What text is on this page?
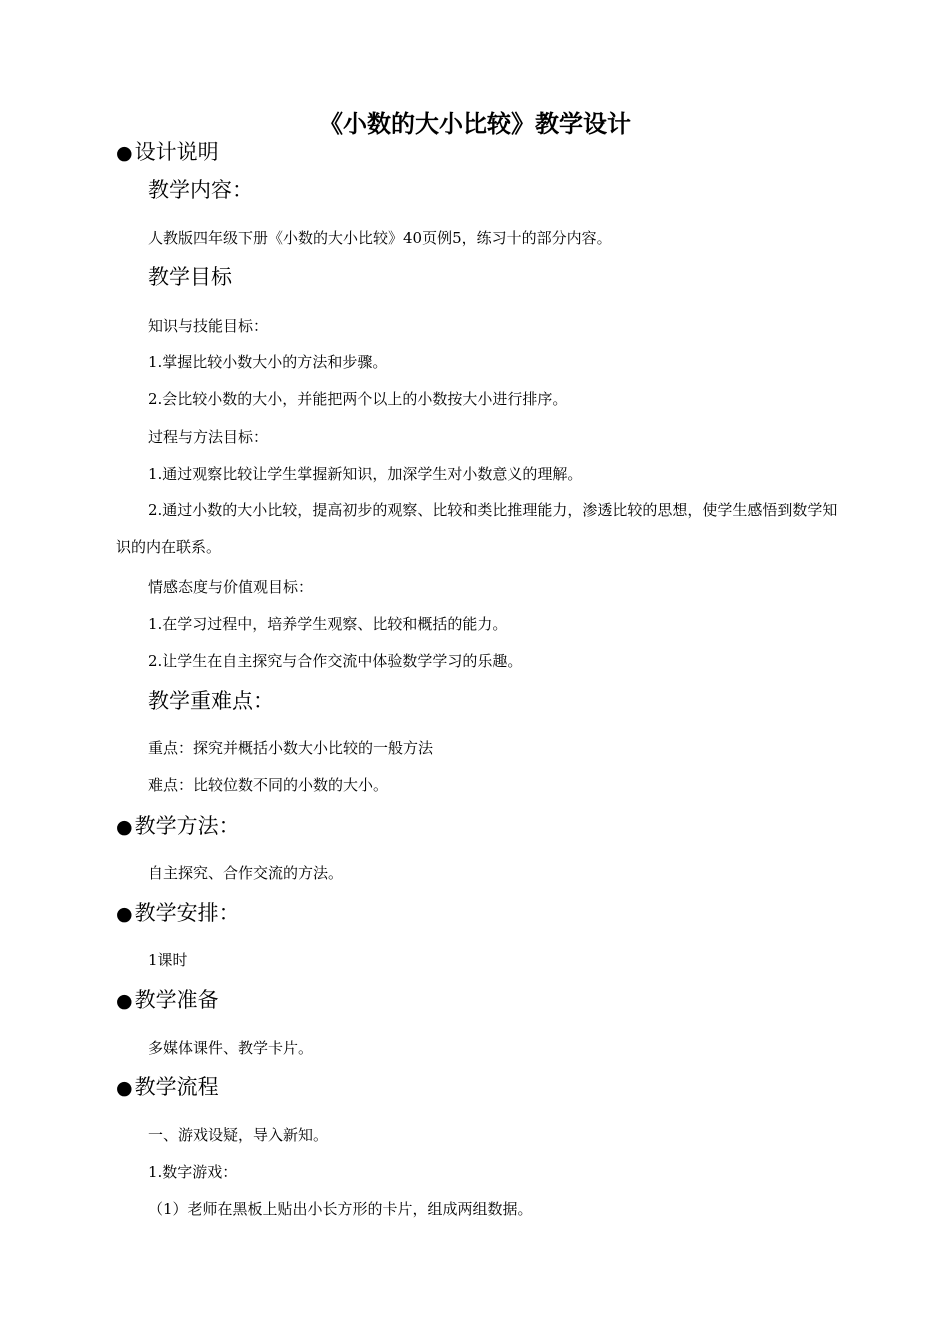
《小数的大小比较》教学设计
●设计说明
教学内容：
人教版四年级下册《小数的大小比较》40页例5，练习十的部分内容。
教学目标
知识与技能目标：
1.掌握比较小数大小的方法和步骤。
2.会比较小数的大小，并能把两个以上的小数按大小进行排序。
过程与方法目标：
1.通过观察比较让学生掌握新知识，加深学生对小数意义的理解。
2.通过小数的大小比较，提高初步的观察、比较和类比推理能力，渗透比较的思想，使学生感悟到数学知识的内在联系。
情感态度与价值观目标：
1.在学习过程中，培养学生观察、比较和概括的能力。
2.让学生在自主探究与合作交流中体验数学学习的乐趣。
教学重难点：
重点：探究并概括小数大小比较的一般方法
难点：比较位数不同的小数的大小。
●教学方法：
自主探究、合作交流的方法。
●教学安排：
1课时
●教学准备
多媒体课件、教学卡片。
●教学流程
一、游戏设疑，导入新知。
1.数字游戏：
（1）老师在黑板上贴出小长方形的卡片，组成两组数据。
